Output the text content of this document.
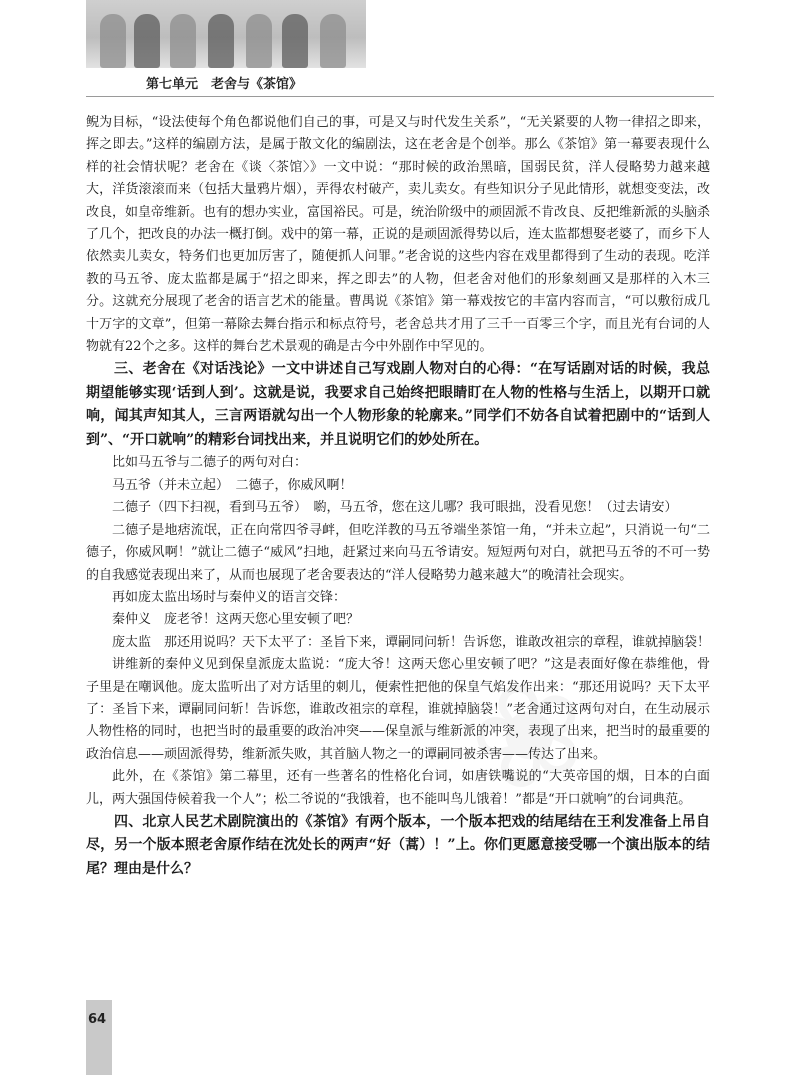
第七单元　老舍与《茶馆》

鲵为目标，“设法使每个角色都说他们自己的事，可是又与时代发生关系”，“无关紧要的人物一律招之即来，挥之即去。”这样的编剧方法，是属于散文化的编剧法，这在老舍是个创举。那么《茶馆》第一幕要表现什么样的社会情状呢？老舍在《谈〈茶馆〉》一文中说：“那时候的政治黑暗，国弱民贫，洋人侵略势力越来越大，洋货滚滚而来（包括大量鸦片烟），弄得农村破产，卖儿卖女。有些知识分子见此情形，就想变变法，改改良，如皇帝维新。也有的想办实业，富国裕民。可是，统治阶级中的顽固派不肯改良、反把维新派的头脑杀了几个，把改良的办法一概打倒。戏中的第一幕，正说的是顽固派得势以后，连太监都想娶老婆了，而乡下人依然卖儿卖女，特务们也更加厉害了，随便抓人问罪。”老舍说的这些内容在戏里都得到了生动的表现。吃洋教的马五爷、庞太监都是属于“招之即来，挥之即去”的人物，但老舍对他们的形象刻画又是那样的入木三分。这就充分展现了老舍的语言艺术的能量。曹禺说《茶馆》第一幕戏按它的丰富内容而言，“可以敷衍成几十万字的文章”，但第一幕除去舞台指示和标点符号，老舍总共才用了三千一百零三个字，而且光有台词的人物就有22个之多。这样的舞台艺术景观的确是古今中外剧作中罕见的。

三、老舍在《对话浅论》一文中讲述自己写戏剧人物对白的心得：“在写话剧对话的时候，我总期望能够实现‘话到人到’。这就是说，我要求自己始终把眼睛盯在人物的性格与生活上，以期开口就响，闻其声知其人，三言两语就勾出一个人物形象的轮廓来。”同学们不妨各自试着把剧中的“话到人到”、“开口就响”的精彩台词找出来，并且说明它们的妙处所在。

比如马五爷与二德子的两句对白：

马五爷（并未立起）　二德子，你威风啊！

二德子（四下扫视，看到马五爷）　喲，马五爷，您在这儿哪？我可眼拙，没看见您！（过去请安）

二德子是地痞流氓，正在向常四爷寻衅，但吃洋教的马五爷端坐茶馆一角，“并未立起”，只消说一句“二德子，你威风啊！”就让二德子“威风”扫地，赶紧过来向马五爷请安。短短两句对白，就把马五爷的不可一势的自我感觉表现出来了，从而也展现了老舍要表达的“洋人侵略势力越来越大”的晚清社会现实。

再如庞太监出场时与秦仲义的语言交锋：

秦仲义　庞老爷！这两天您心里安顿了吧？

庞太监　那还用说吗？天下太平了：圣旨下来，谭嗣同问斩！告诉您，谁敢改祖宗的章程，谁就掉脑袋！

讲维新的秦仲义见到保皇派庞太监说：“庞大爷！这两天您心里安顿了吧？”这是表面好像在恭维他，骨子里是在嘲讽他。庞太监听出了对方话里的刺儿，便索性把他的保皇气焰发作出来：“那还用说吗？天下太平了：圣旨下来，谭嗣同问斩！告诉您，谁敢改祖宗的章程，谁就掉脑袋！”老舍通过这两句对白，在生动展示人物性格的同时，也把当时的最重要的政治冲突——保皇派与维新派的冲突，表现了出来，把当时的最重要的政治信息——顽固派得势，维新派失败，其首脑人物之一的谭嗣同被杀害——传达了出来。

此外，在《茶馆》第二幕里，还有一些著名的性格化台词，如唐铁嘴说的“大英帝国的烟，日本的白面儿，两大强国侍候着我一个人”；松二爷说的“我饿着，也不能叫鸟儿饿着！”都是“开口就响”的台词典范。

四、北京人民艺术剧院演出的《茶馆》有两个版本，一个版本把戏的结尾结在王利发准备上吊自尽，另一个版本照老舍原作结在沈处长的两声“好（蒿）！”上。你们更愿意接受哪一个演出版本的结尾？理由是什么？

64
